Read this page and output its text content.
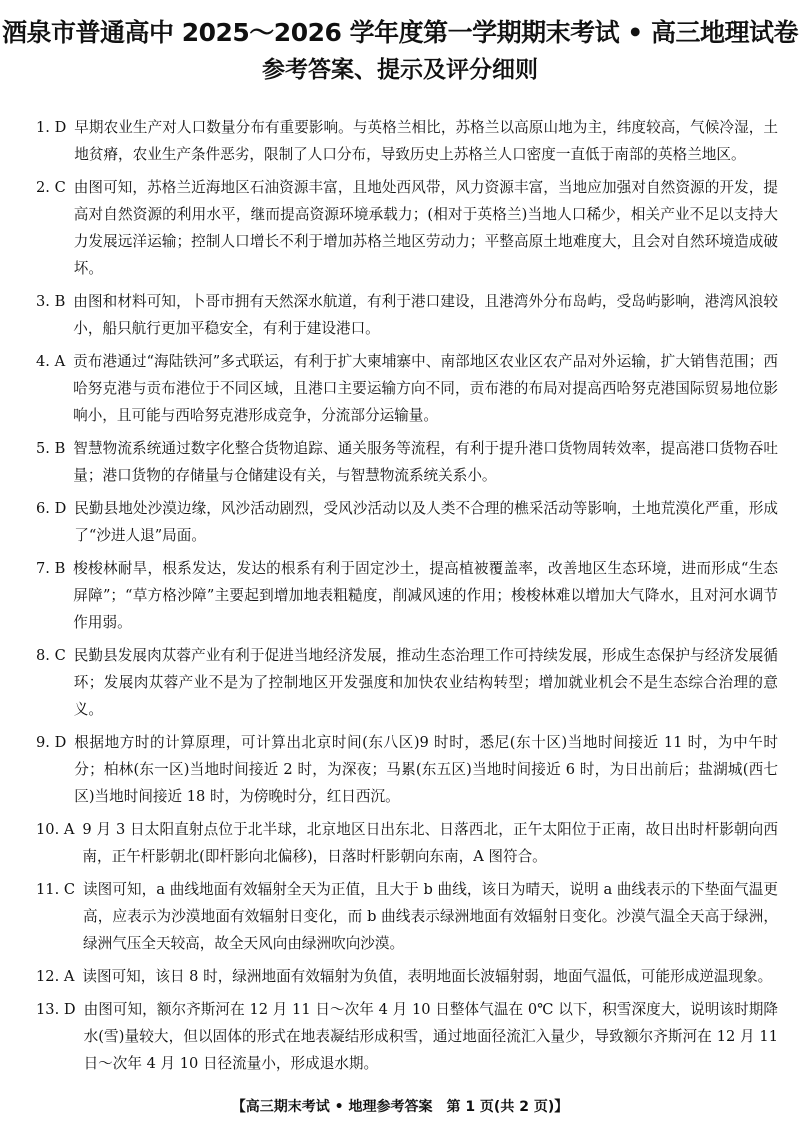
酒泉市普通高中 2025～2026 学年度第一学期期末考试 • 高三地理试卷
参考答案、提示及评分细则
1. D 早期农业生产对人口数量分布有重要影响。与英格兰相比，苏格兰以高原山地为主，纬度较高，气候冷湿，土地贫瘠，农业生产条件恶劣，限制了人口分布，导致历史上苏格兰人口密度一直低于南部的英格兰地区。
2. C 由图可知，苏格兰近海地区石油资源丰富，且地处西风带，风力资源丰富，当地应加强对自然资源的开发，提高对自然资源的利用水平，继而提高资源环境承载力；(相对于英格兰)当地人口稀少，相关产业不足以支持大力发展远洋运输；控制人口增长不利于增加苏格兰地区劳动力；平整高原土地难度大，且会对自然环境造成破坏。
3. B 由图和材料可知，卜哥市拥有天然深水航道，有利于港口建设，且港湾外分布岛屿，受岛屿影响，港湾风浪较小，船只航行更加平稳安全，有利于建设港口。
4. A 贡布港通过“海陆铁河”多式联运，有利于扩大柬埔寨中、南部地区农业区农产品对外运输，扩大销售范围；西哈努克港与贡布港位于不同区域，且港口主要运输方向不同，贡布港的布局对提高西哈努克港国际贸易地位影响小，且可能与西哈努克港形成竞争，分流部分运输量。
5. B 智慧物流系统通过数字化整合货物追踪、通关服务等流程，有利于提升港口货物周转效率，提高港口货物吞吐量；港口货物的存储量与仓储建设有关，与智慧物流系统关系小。
6. D 民勤县地处沙漠边缘，风沙活动剧烈，受风沙活动以及人类不合理的樵采活动等影响，土地荒漠化严重，形成了“沙进人退”局面。
7. B 梭梭林耐旱，根系发达，发达的根系有利于固定沙土，提高植被覆盖率，改善地区生态环境，进而形成“生态屏障”；“草方格沙障”主要起到增加地表粗糙度，削减风速的作用；梭梭林难以增加大气降水，且对河水调节作用弱。
8. C 民勤县发展肉苁蓉产业有利于促进当地经济发展，推动生态治理工作可持续发展，形成生态保护与经济发展循环；发展肉苁蓉产业不是为了控制地区开发强度和加快农业结构转型；增加就业机会不是生态综合治理的意义。
9. D 根据地方时的计算原理，可计算出北京时间(东八区)9 时时，悉尼(东十区)当地时间接近 11 时，为中午时分；柏林(东一区)当地时间接近 2 时，为深夜；马累(东五区)当地时间接近 6 时，为日出前后；盐湖城(西七区)当地时间接近 18 时，为傍晚时分，红日西沉。
10. A 9 月 3 日太阳直射点位于北半球，北京地区日出东北、日落西北，正午太阳位于正南，故日出时杆影朝向西南，正午杆影朝北(即杆影向北偏移)，日落时杆影朝向东南，A 图符合。
11. C 读图可知，a 曲线地面有效辐射全天为正值，且大于 b 曲线，该日为晴天，说明 a 曲线表示的下垫面气温更高，应表示为沙漠地面有效辐射日变化，而 b 曲线表示绿洲地面有效辐射日变化。沙漠气温全天高于绿洲，绿洲气压全天较高，故全天风向由绿洲吹向沙漠。
12. A 读图可知，该日 8 时，绿洲地面有效辐射为负值，表明地面长波辐射弱，地面气温低，可能形成逆温现象。
13. D 由图可知，额尔齐斯河在 12 月 11 日～次年 4 月 10 日整体气温在 0℃ 以下，积雪深度大，说明该时期降水(雪)量较大，但以固体的形式在地表凝结形成积雪，通过地面径流汇入量少，导致额尔齐斯河在 12 月 11 日～次年 4 月 10 日径流量小，形成退水期。
【高三期末考试 • 地理参考答案　第 1 页(共 2 页)】
